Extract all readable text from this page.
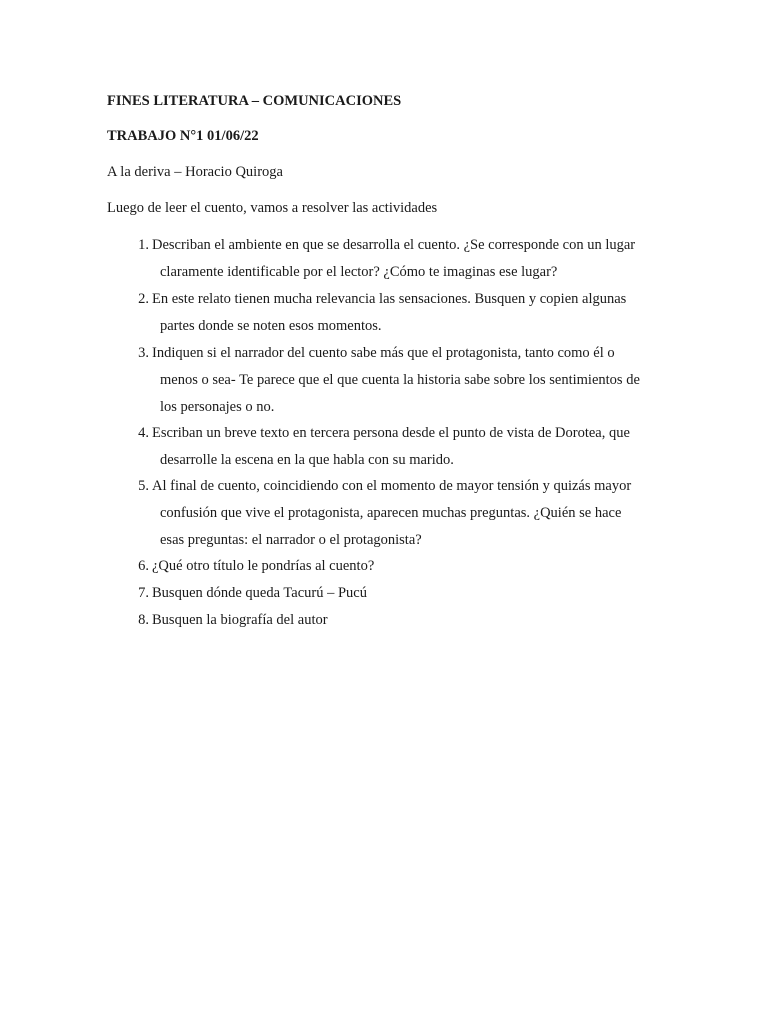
FINES LITERATURA – COMUNICACIONES
TRABAJO N°1 01/06/22
A la deriva – Horacio Quiroga
Luego de leer el cuento, vamos a resolver las actividades
1. Describan el ambiente en que se desarrolla el cuento. ¿Se corresponde con un lugar
claramente identificable por el lector? ¿Cómo te imaginas ese lugar?
2. En este relato tienen mucha relevancia las sensaciones. Busquen y copien algunas
partes donde se noten esos momentos.
3. Indiquen si el narrador del cuento sabe más que el protagonista, tanto como él o
menos o sea- Te parece que el que cuenta la historia sabe sobre los sentimientos de
los personajes o no.
4. Escriban un breve texto en tercera persona desde el punto de vista de Dorotea, que
desarrolle la escena en la que habla con su marido.
5. Al final de cuento, coincidiendo con el momento de mayor tensión y quizás mayor
confusión que vive el protagonista, aparecen muchas preguntas. ¿Quién se hace
esas preguntas: el narrador o el protagonista?
6. ¿Qué otro título le pondrías al cuento?
7. Busquen dónde queda Tacurú – Pucú
8. Busquen la biografía del autor
